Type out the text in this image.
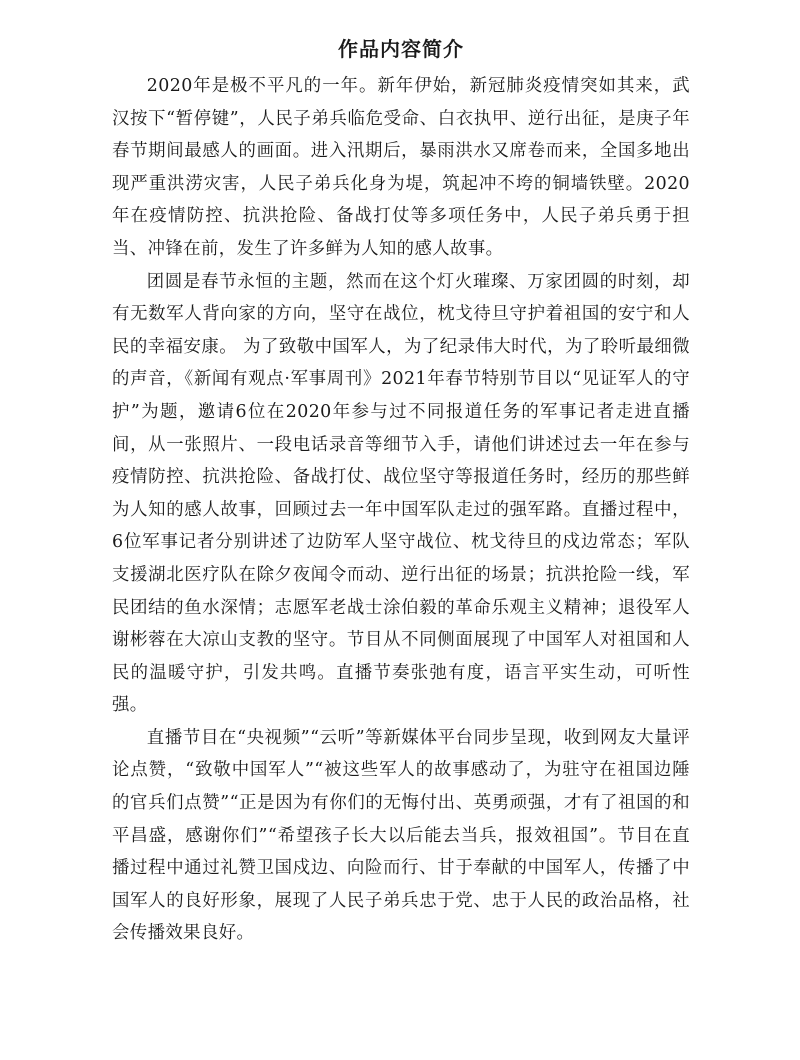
作品内容简介

2020年是极不平凡的一年。新年伊始，新冠肺炎疫情突如其来，武汉按下“暂停键”，人民子弟兵临危受命、白衣执甲、逆行出征，是庚子年春节期间最感人的画面。进入汛期后，暴雨洪水又席卷而来，全国多地出现严重洪涝灾害，人民子弟兵化身为堤，筑起冲不垮的铜墙铁壁。2020年在疫情防控、抗洪抢险、备战打仗等多项任务中，人民子弟兵勇于担当、冲锋在前，发生了许多鲜为人知的感人故事。

团圆是春节永恒的主题，然而在这个灯火璀璨、万家团圆的时刻，却有无数军人背向家的方向，坚守在战位，枕戈待旦守护着祖国的安宁和人民的幸福安康。 为了致敬中国军人，为了纪录伟大时代，为了聆听最细微的声音，《新闻有观点·军事周刊》2021年春节特别节目以“见证军人的守护”为题，邀请6位在2020年参与过不同报道任务的军事记者走进直播间，从一张照片、一段电话录音等细节入手，请他们讲述过去一年在参与疫情防控、抗洪抢险、备战打仗、战位坚守等报道任务时，经历的那些鲜为人知的感人故事，回顾过去一年中国军队走过的强军路。直播过程中，6位军事记者分别讲述了边防军人坚守战位、枕戈待旦的戍边常态；军队支援湖北医疗队在除夕夜闻令而动、逆行出征的场景；抗洪抢险一线，军民团结的鱼水深情；志愿军老战士涂伯毅的革命乐观主义精神；退役军人谢彬蓉在大凉山支教的坚守。节目从不同侧面展现了中国军人对祖国和人民的温暖守护，引发共鸣。直播节奏张弛有度，语言平实生动，可听性强。

直播节目在“央视频”“云听”等新媒体平台同步呈现，收到网友大量评论点赞，“致敬中国军人”“被这些军人的故事感动了，为驻守在祖国边陲的官兵们点赞”“正是因为有你们的无悔付出、英勇顽强，才有了祖国的和平昌盛，感谢你们”“希望孩子长大以后能去当兵，报效祖国”。节目在直播过程中通过礼赞卫国戍边、向险而行、甘于奉献的中国军人，传播了中国军人的良好形象，展现了人民子弟兵忠于党、忠于人民的政治品格，社会传播效果良好。
